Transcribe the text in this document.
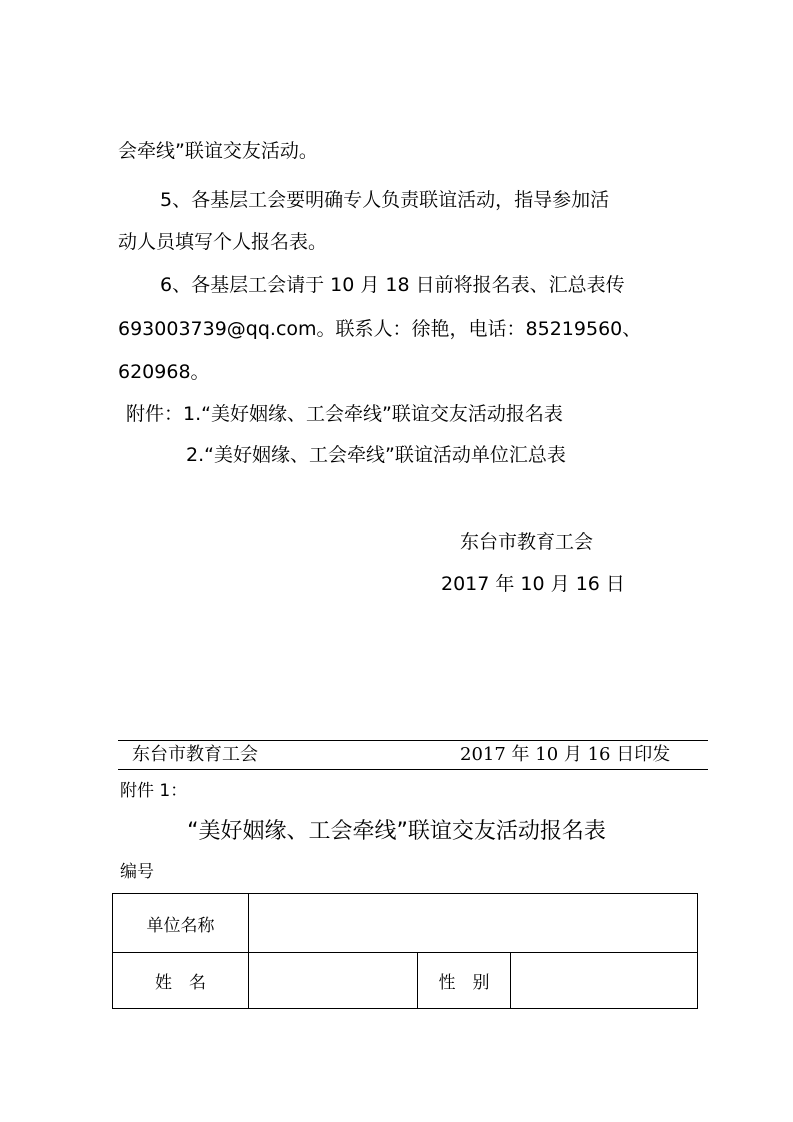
会牵线”联谊交友活动。
5、各基层工会要明确专人负责联谊活动，指导参加活
动人员填写个人报名表。
6、各基层工会请于 10 月 18 日前将报名表、汇总表传
693003739@qq.com。联系人：徐艳，电话：85219560、
620968。
附件：1.“美好姻缘、工会牵线”联谊交友活动报名表
2.“美好姻缘、工会牵线”联谊活动单位汇总表
东台市教育工会
2017 年 10 月 16 日
东台市教育工会	2017 年 10 月 16 日印发
附件 1：
“美好姻缘、工会牵线”联谊交友活动报名表
编号
单位名称			
姓　名		性　别	
